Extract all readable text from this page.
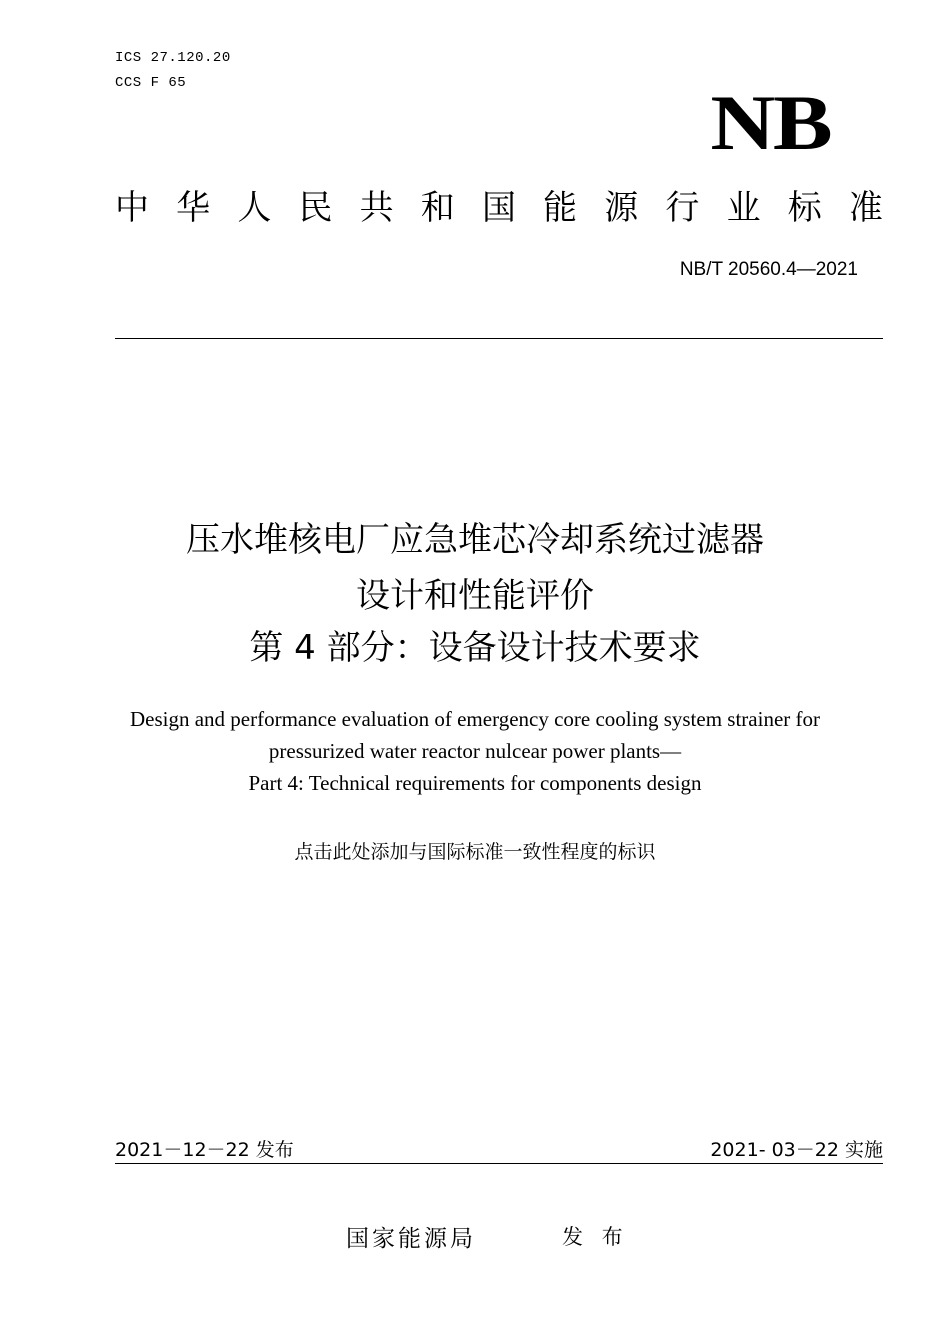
ICS 27.120.20
CCS F 65	NB
中 华 人 民 共 和 国 能 源 行 业 标 准
NB/T 20560.4—2021
压水堆核电厂应急堆芯冷却系统过滤器
设计和性能评价
第 4 部分：设备设计技术要求
Design and performance evaluation of emergency core cooling system strainer for
pressurized water reactor nulcear power plants—
Part 4: Technical requirements for components design
点击此处添加与国际标准一致性程度的标识
2021－12－22 发布	2021- 03－22 实施
国家能源局	发 布
